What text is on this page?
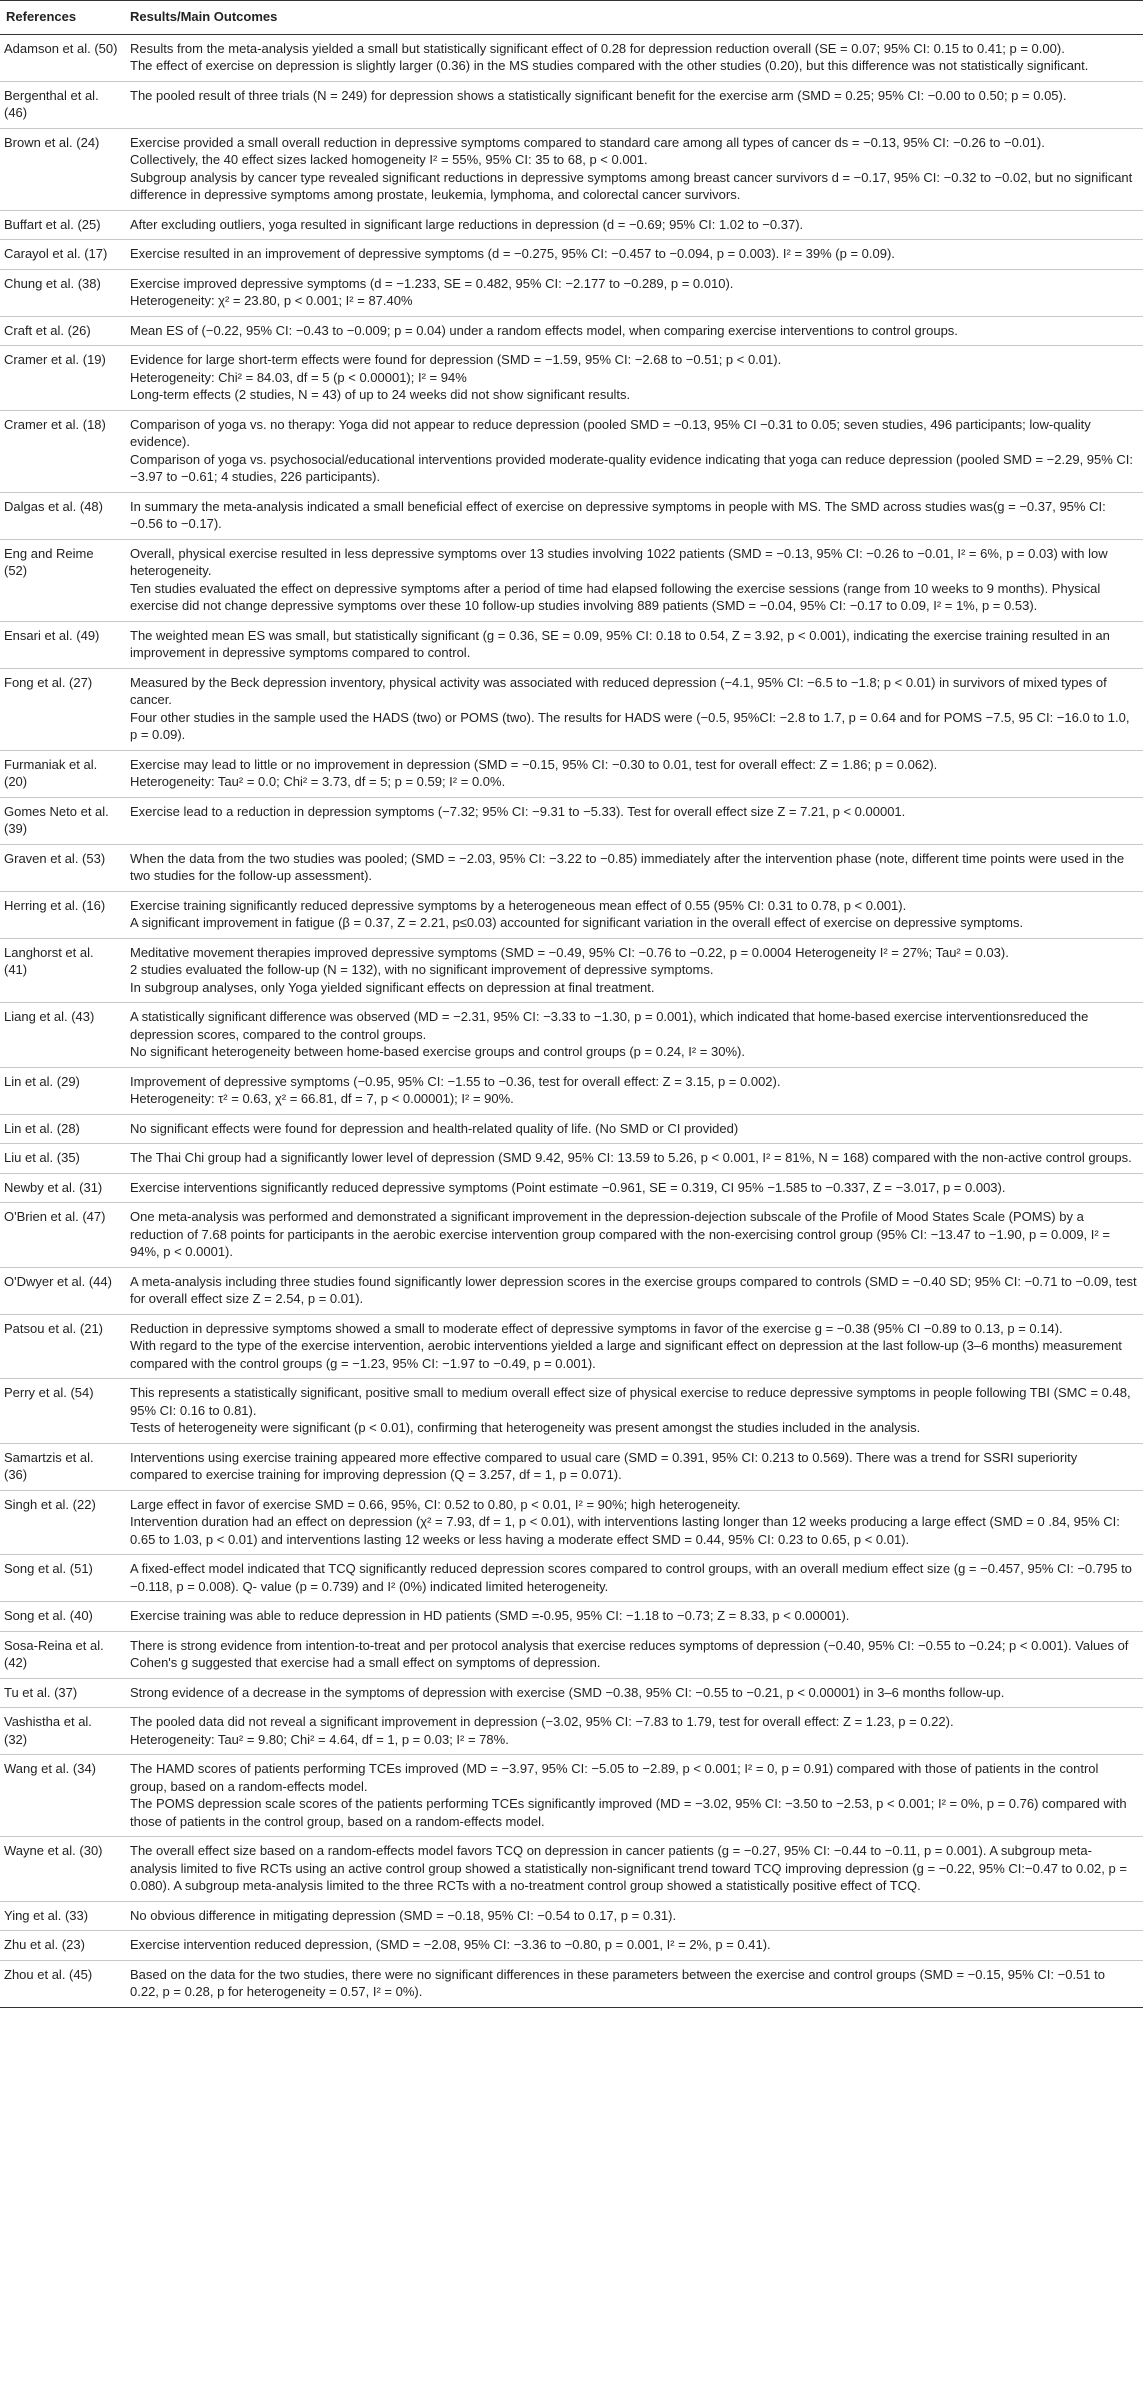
References	Results/Main Outcomes
Adamson et al. (50)	Results from the meta-analysis yielded a small but statistically significant effect of 0.28 for depression reduction overall (SE = 0.07; 95% CI: 0.15 to 0.41; p = 0.00).
The effect of exercise on depression is slightly larger (0.36) in the MS studies compared with the other studies (0.20), but this difference was not statistically significant.

Bergenthal et al. (46)	The pooled result of three trials (N = 249) for depression shows a statistically significant benefit for the exercise arm (SMD = 0.25; 95% CI: −0.00 to 0.50; p = 0.05).

Brown et al. (24)	Exercise provided a small overall reduction in depressive symptoms compared to standard care among all types of cancer ds = −0.13, 95% CI: −0.26 to −0.01).
Collectively, the 40 effect sizes lacked homogeneity I² = 55%, 95% CI: 35 to 68, p < 0.001.
Subgroup analysis by cancer type revealed significant reductions in depressive symptoms among breast cancer survivors d = −0.17, 95% CI: −0.32 to −0.02, but no significant difference in depressive symptoms among prostate, leukemia, lymphoma, and colorectal cancer survivors.

Buffart et al. (25)	After excluding outliers, yoga resulted in significant large reductions in depression (d = −0.69; 95% CI: 1.02 to −0.37).

Carayol et al. (17)	Exercise resulted in an improvement of depressive symptoms (d = −0.275, 95% CI: −0.457 to −0.094, p = 0.003). I² = 39% (p = 0.09).

Chung et al. (38)	Exercise improved depressive symptoms (d = −1.233, SE = 0.482, 95% CI: −2.177 to −0.289, p = 0.010).
Heterogeneity: χ² = 23.80, p < 0.001; I² = 87.40%

Craft et al. (26)	Mean ES of (−0.22, 95% CI: −0.43 to −0.009; p = 0.04) under a random effects model, when comparing exercise interventions to control groups.

Cramer et al. (19)	Evidence for large short-term effects were found for depression (SMD = −1.59, 95% CI: −2.68 to −0.51; p < 0.01).
Heterogeneity: Chi² = 84.03, df = 5 (p < 0.00001); I² = 94%
Long-term effects (2 studies, N = 43) of up to 24 weeks did not show significant results.

Cramer et al. (18)	Comparison of yoga vs. no therapy: Yoga did not appear to reduce depression (pooled SMD = −0.13, 95% CI −0.31 to 0.05; seven studies, 496 participants; low-quality evidence).
Comparison of yoga vs. psychosocial/educational interventions provided moderate-quality evidence indicating that yoga can reduce depression (pooled SMD = −2.29, 95% CI: −3.97 to −0.61; 4 studies, 226 participants).

Dalgas et al. (48)	In summary the meta-analysis indicated a small beneficial effect of exercise on depressive symptoms in people with MS. The SMD across studies was(g = −0.37, 95% CI: −0.56 to −0.17).

Eng and Reime (52)	Overall, physical exercise resulted in less depressive symptoms over 13 studies involving 1022 patients (SMD = −0.13, 95% CI: −0.26 to −0.01, I² = 6%, p = 0.03) with low heterogeneity.
Ten studies evaluated the effect on depressive symptoms after a period of time had elapsed following the exercise sessions (range from 10 weeks to 9 months). Physical exercise did not change depressive symptoms over these 10 follow-up studies involving 889 patients (SMD = −0.04, 95% CI: −0.17 to 0.09, I² = 1%, p = 0.53).

Ensari et al. (49)	The weighted mean ES was small, but statistically significant (g = 0.36, SE = 0.09, 95% CI: 0.18 to 0.54, Z = 3.92, p < 0.001), indicating the exercise training resulted in an improvement in depressive symptoms compared to control.

Fong et al. (27)	Measured by the Beck depression inventory, physical activity was associated with reduced depression (−4.1, 95% CI: −6.5 to −1.8; p < 0.01) in survivors of mixed types of cancer.
Four other studies in the sample used the HADS (two) or POMS (two). The results for HADS were (−0.5, 95%CI: −2.8 to 1.7, p = 0.64 and for POMS −7.5, 95 CI: −16.0 to 1.0, p = 0.09).

Furmaniak et al. (20)	Exercise may lead to little or no improvement in depression (SMD = −0.15, 95% CI: −0.30 to 0.01, test for overall effect: Z = 1.86; p = 0.062).
Heterogeneity: Tau² = 0.0; Chi² = 3.73, df = 5; p = 0.59; I² = 0.0%.

Gomes Neto et al. (39)	Exercise lead to a reduction in depression symptoms (−7.32; 95% CI: −9.31 to −5.33). Test for overall effect size Z = 7.21, p < 0.00001.

Graven et al. (53)	When the data from the two studies was pooled; (SMD = −2.03, 95% CI: −3.22 to −0.85) immediately after the intervention phase (note, different time points were used in the two studies for the follow-up assessment).

Herring et al. (16)	Exercise training significantly reduced depressive symptoms by a heterogeneous mean effect of 0.55 (95% CI: 0.31 to 0.78, p < 0.001).
A significant improvement in fatigue (β = 0.37, Z = 2.21, p≤0.03) accounted for significant variation in the overall effect of exercise on depressive symptoms.

Langhorst et al. (41)	Meditative movement therapies improved depressive symptoms (SMD = −0.49, 95% CI: −0.76 to −0.22, p = 0.0004 Heterogeneity I² = 27%; Tau² = 0.03).
2 studies evaluated the follow-up (N = 132), with no significant improvement of depressive symptoms.
In subgroup analyses, only Yoga yielded significant effects on depression at final treatment.

Liang et al. (43)	A statistically significant difference was observed (MD = −2.31, 95% CI: −3.33 to −1.30, p = 0.001), which indicated that home-based exercise interventionsreduced the depression scores, compared to the control groups.
No significant heterogeneity between home-based exercise groups and control groups (p = 0.24, I² = 30%).

Lin et al. (29)	Improvement of depressive symptoms (−0.95, 95% CI: −1.55 to −0.36, test for overall effect: Z = 3.15, p = 0.002).
Heterogeneity: τ² = 0.63, χ² = 66.81, df = 7, p < 0.00001); I² = 90%.

Lin et al. (28)	No significant effects were found for depression and health-related quality of life. (No SMD or CI provided)

Liu et al. (35)	The Thai Chi group had a significantly lower level of depression (SMD 9.42, 95% CI: 13.59 to 5.26, p < 0.001, I² = 81%, N = 168) compared with the non-active control groups.

Newby et al. (31)	Exercise interventions significantly reduced depressive symptoms (Point estimate −0.961, SE = 0.319, CI 95% −1.585 to −0.337, Z = −3.017, p = 0.003).

O'Brien et al. (47)	One meta-analysis was performed and demonstrated a significant improvement in the depression-dejection subscale of the Profile of Mood States Scale (POMS) by a reduction of 7.68 points for participants in the aerobic exercise intervention group compared with the non-exercising control group (95% CI: −13.47 to −1.90, p = 0.009, I² = 94%, p < 0.0001).

O'Dwyer et al. (44)	A meta-analysis including three studies found significantly lower depression scores in the exercise groups compared to controls (SMD = −0.40 SD; 95% CI: −0.71 to −0.09, test for overall effect size Z = 2.54, p = 0.01).

Patsou et al. (21)	Reduction in depressive symptoms showed a small to moderate effect of depressive symptoms in favor of the exercise g = −0.38 (95% CI −0.89 to 0.13, p = 0.14).
With regard to the type of the exercise intervention, aerobic interventions yielded a large and significant effect on depression at the last follow-up (3–6 months) measurement compared with the control groups (g = −1.23, 95% CI: −1.97 to −0.49, p = 0.001).

Perry et al. (54)	This represents a statistically significant, positive small to medium overall effect size of physical exercise to reduce depressive symptoms in people following TBI (SMC = 0.48, 95% CI: 0.16 to 0.81).
Tests of heterogeneity were significant (p < 0.01), confirming that heterogeneity was present amongst the studies included in the analysis.

Samartzis et al. (36)	Interventions using exercise training appeared more effective compared to usual care (SMD = 0.391, 95% CI: 0.213 to 0.569). There was a trend for SSRI superiority compared to exercise training for improving depression (Q = 3.257, df = 1, p = 0.071).

Singh et al. (22)	Large effect in favor of exercise SMD = 0.66, 95%, CI: 0.52 to 0.80, p < 0.01, I² = 90%; high heterogeneity.
Intervention duration had an effect on depression (χ² = 7.93, df = 1, p < 0.01), with interventions lasting longer than 12 weeks producing a large effect (SMD = 0 .84, 95% CI: 0.65 to 1.03, p < 0.01) and interventions lasting 12 weeks or less having a moderate effect SMD = 0.44, 95% CI: 0.23 to 0.65, p < 0.01).

Song et al. (51)	A fixed-effect model indicated that TCQ significantly reduced depression scores compared to control groups, with an overall medium effect size (g = −0.457, 95% CI: −0.795 to −0.118, p = 0.008). Q- value (p = 0.739) and I² (0%) indicated limited heterogeneity.

Song et al. (40)	Exercise training was able to reduce depression in HD patients (SMD =-0.95, 95% CI: −1.18 to −0.73; Z = 8.33, p < 0.00001).

Sosa-Reina et al. (42)	There is strong evidence from intention-to-treat and per protocol analysis that exercise reduces symptoms of depression (−0.40, 95% CI: −0.55 to −0.24; p < 0.001). Values of Cohen's g suggested that exercise had a small effect on symptoms of depression.

Tu et al. (37)	Strong evidence of a decrease in the symptoms of depression with exercise (SMD −0.38, 95% CI: −0.55 to −0.21, p < 0.00001) in 3–6 months follow-up.

Vashistha et al. (32)	The pooled data did not reveal a significant improvement in depression (−3.02, 95% CI: −7.83 to 1.79, test for overall effect: Z = 1.23, p = 0.22).
Heterogeneity: Tau² = 9.80; Chi² = 4.64, df = 1, p = 0.03; I² = 78%.

Wang et al. (34)	The HAMD scores of patients performing TCEs improved (MD = −3.97, 95% CI: −5.05 to −2.89, p < 0.001; I² = 0, p = 0.91) compared with those of patients in the control group, based on a random-effects model.
The POMS depression scale scores of the patients performing TCEs significantly improved (MD = −3.02, 95% CI: −3.50 to −2.53, p < 0.001; I² = 0%, p = 0.76) compared with those of patients in the control group, based on a random-effects model.

Wayne et al. (30)	The overall effect size based on a random-effects model favors TCQ on depression in cancer patients (g = −0.27, 95% CI: −0.44 to −0.11, p = 0.001). A subgroup meta-analysis limited to five RCTs using an active control group showed a statistically non-significant trend toward TCQ improving depression (g = −0.22, 95% CI:−0.47 to 0.02, p = 0.080). A subgroup meta-analysis limited to the three RCTs with a no-treatment control group showed a statistically positive effect of TCQ.

Ying et al. (33)	No obvious difference in mitigating depression (SMD = −0.18, 95% CI: −0.54 to 0.17, p = 0.31).

Zhu et al. (23)	Exercise intervention reduced depression, (SMD = −2.08, 95% CI: −3.36 to −0.80, p = 0.001, I² = 2%, p = 0.41).

Zhou et al. (45)	Based on the data for the two studies, there were no significant differences in these parameters between the exercise and control groups (SMD = −0.15, 95% CI: −0.51 to 0.22, p = 0.28, p for heterogeneity = 0.57, I² = 0%).
